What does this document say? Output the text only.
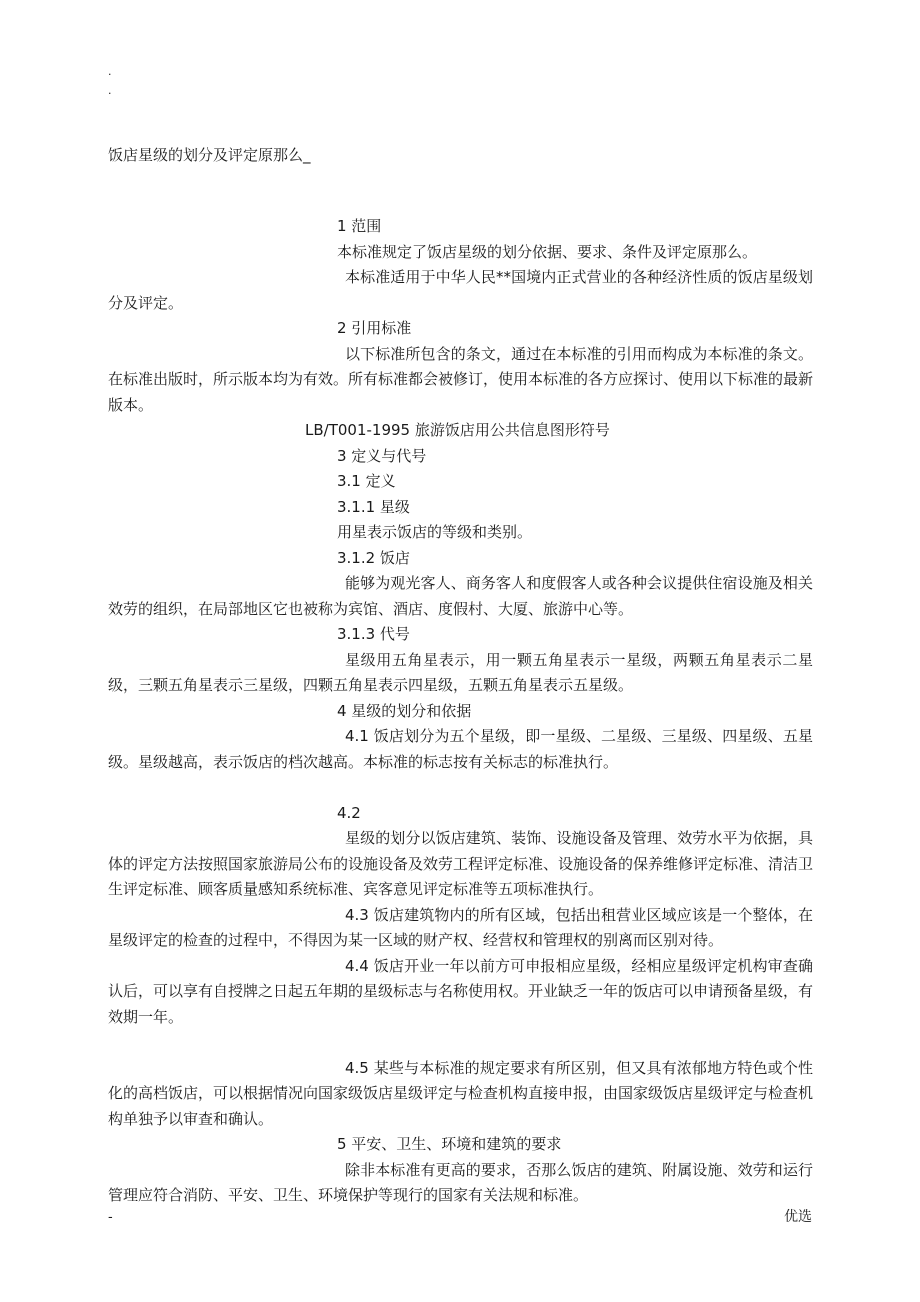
.
.
饭店星级的划分及评定原那么_

1 范围

本标准规定了饭店星级的划分依据、要求、条件及评定原那么。

本标准适用于中华人民**国境内正式营业的各种经济性质的饭店星级划分及评定。

2 引用标准

以下标准所包含的条文，通过在本标准的引用而构成为本标准的条文。在标准出版时，所示版本均为有效。所有标准都会被修订，使用本标准的各方应探讨、使用以下标准的最新版本。

LB/T001-1995 旅游饭店用公共信息图形符号

3 定义与代号

3.1 定义

3.1.1 星级

用星表示饭店的等级和类别。

3.1.2 饭店

能够为观光客人、商务客人和度假客人或各种会议提供住宿设施及相关效劳的组织，在局部地区它也被称为宾馆、酒店、度假村、大厦、旅游中心等。

3.1.3 代号

星级用五角星表示，用一颗五角星表示一星级，两颗五角星表示二星级，三颗五角星表示三星级，四颗五角星表示四星级，五颗五角星表示五星级。

4 星级的划分和依据

4.1 饭店划分为五个星级，即一星级、二星级、三星级、四星级、五星级。星级越高，表示饭店的档次越高。本标准的标志按有关标志的标准执行。

4.2

星级的划分以饭店建筑、装饰、设施设备及管理、效劳水平为依据，具体的评定方法按照国家旅游局公布的设施设备及效劳工程评定标准、设施设备的保养维修评定标准、清洁卫生评定标准、顾客质量感知系统标准、宾客意见评定标准等五项标准执行。

4.3 饭店建筑物内的所有区域，包括出租营业区域应该是一个整体，在星级评定的检查的过程中，不得因为某一区域的财产权、经营权和管理权的别离而区别对待。

4.4 饭店开业一年以前方可申报相应星级，经相应星级评定机构审查确认后，可以享有自授牌之日起五年期的星级标志与名称使用权。开业缺乏一年的饭店可以申请预备星级，有效期一年。

4.5 某些与本标准的规定要求有所区别，但又具有浓郁地方特色或个性化的高档饭店，可以根据情况向国家级饭店星级评定与检查机构直接申报，由国家级饭店星级评定与检查机构单独予以审查和确认。

5 平安、卫生、环境和建筑的要求

除非本标准有更高的要求，否那么饭店的建筑、附属设施、效劳和运行管理应符合消防、平安、卫生、环境保护等现行的国家有关法规和标准。

-	优选
